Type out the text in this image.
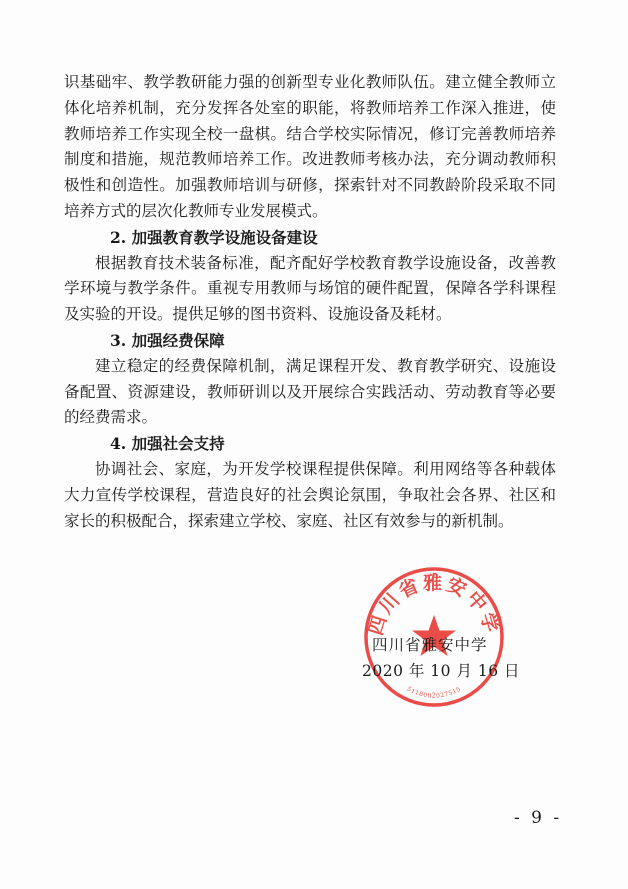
识基础牢、教学教研能力强的创新型专业化教师队伍。建立健全教师立体化培养机制，充分发挥各处室的职能，将教师培养工作深入推进，使教师培养工作实现全校一盘棋。结合学校实际情况，修订完善教师培养制度和措施，规范教师培养工作。改进教师考核办法，充分调动教师积极性和创造性。加强教师培训与研修，探索针对不同教龄阶段采取不同培养方式的层次化教师专业发展模式。

2. 加强教育教学设施设备建设

根据教育技术装备标准，配齐配好学校教育教学设施设备，改善教学环境与教学条件。重视专用教师与场馆的硬件配置，保障各学科课程及实验的开设。提供足够的图书资料、设施设备及耗材。

3. 加强经费保障

建立稳定的经费保障机制，满足课程开发、教育教学研究、设施设备配置、资源建设，教师研训以及开展综合实践活动、劳动教育等必要的经费需求。

4. 加强社会支持

协调社会、家庭，为开发学校课程提供保障。利用网络等各种载体大力宣传学校课程，营造良好的社会舆论氛围，争取社会各界、社区和家长的积极配合，探索建立学校、家庭、社区有效参与的新机制。

四川省雅安中学
5118002027515
四川省雅安中学
2020 年 10 月 16 日
- 9 -
